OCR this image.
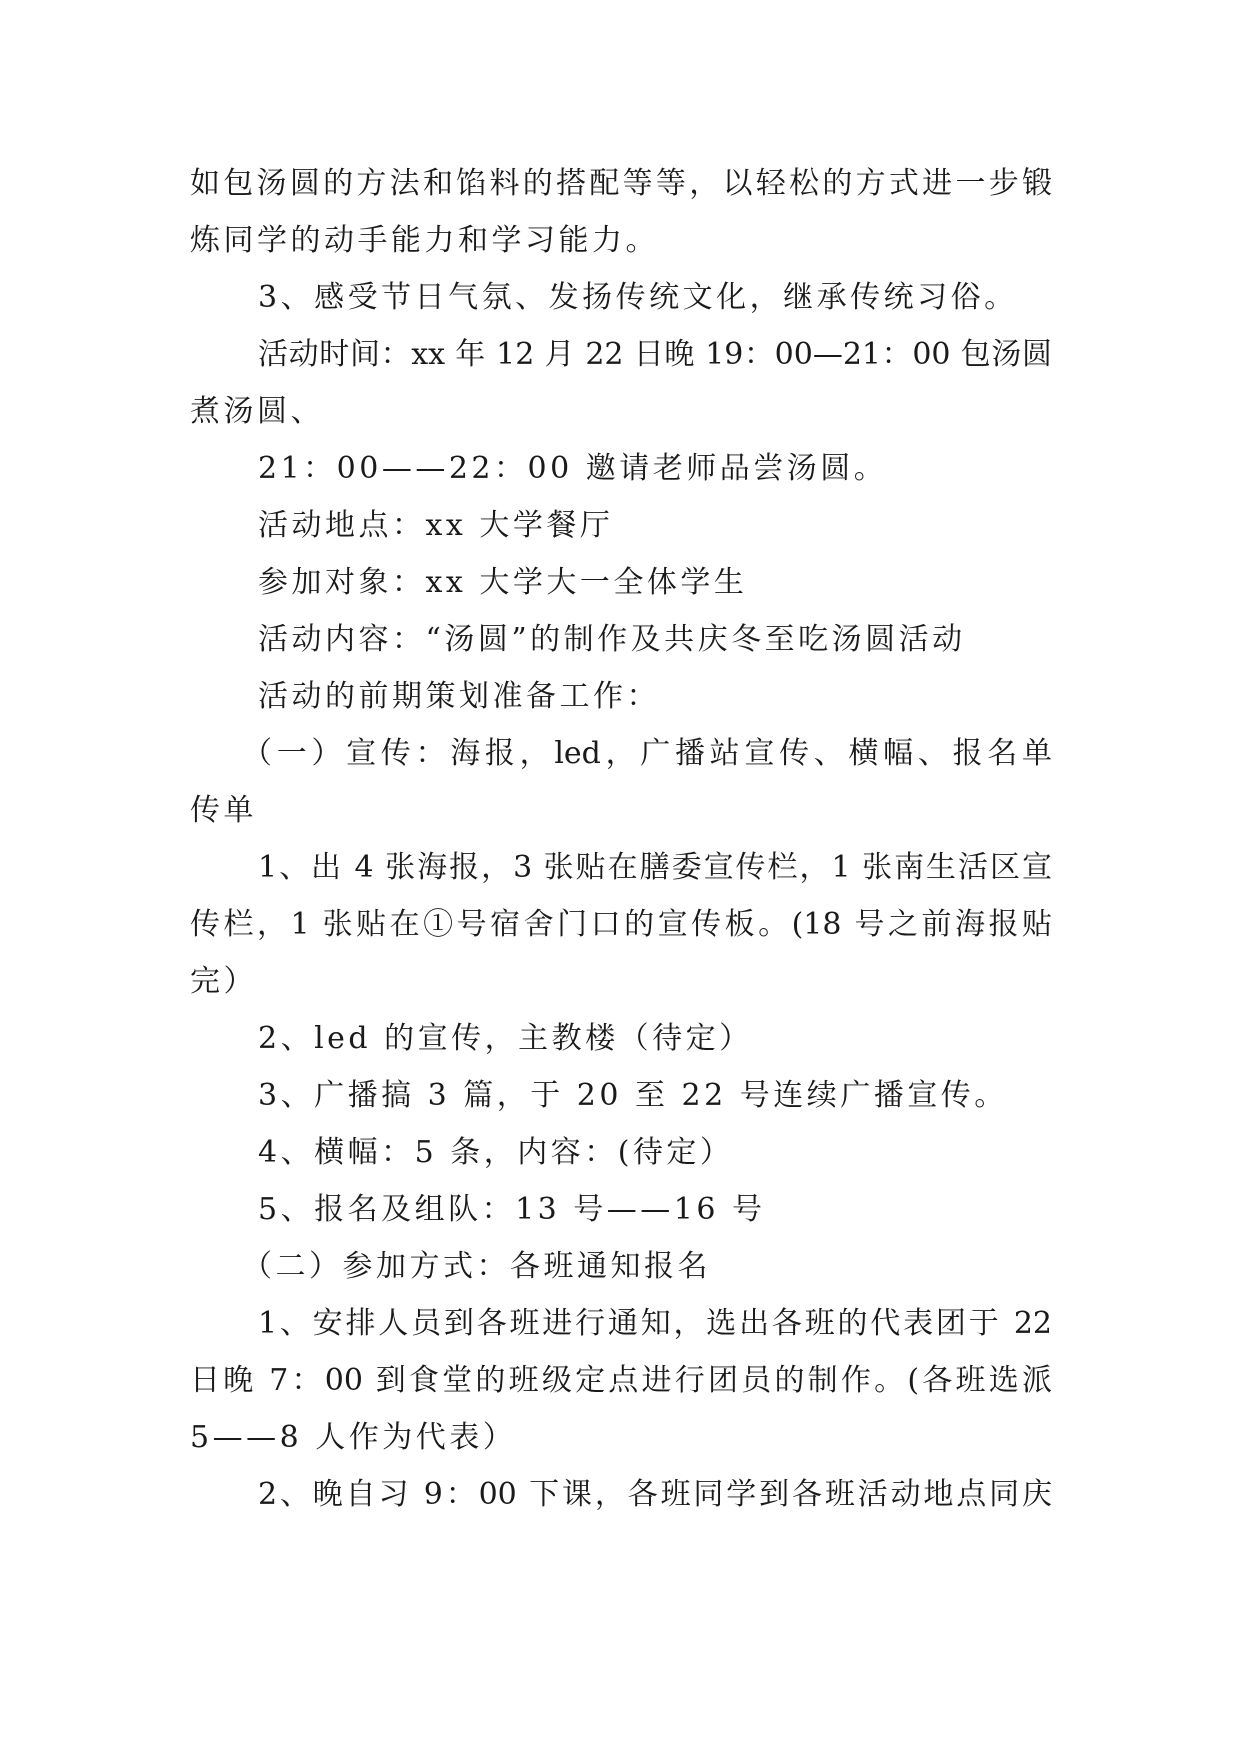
如包汤圆的方法和馅料的搭配等等，以轻松的方式进一步锻
炼同学的动手能力和学习能力。
3、感受节日气氛、发扬传统文化，继承传统习俗。
活动时间：xx 年 12 月 22 日晚 19：00—21：00 包汤圆
煮汤圆、
21：00——22：00 邀请老师品尝汤圆。
活动地点：xx 大学餐厅
参加对象：xx 大学大一全体学生
活动内容：“汤圆”的制作及共庆冬至吃汤圆活动
活动的前期策划准备工作：
（一）宣传：海报，led，广播站宣传、横幅、报名单
传单
1、出 4 张海报，3 张贴在膳委宣传栏，1 张南生活区宣
传栏，1 张贴在①号宿舍门口的宣传板。(18 号之前海报贴
完）
2、led 的宣传，主教楼（待定）
3、广播搞 3 篇，于 20 至 22 号连续广播宣传。
4、横幅：5 条，内容：(待定）
5、报名及组队：13 号——16 号
（二）参加方式：各班通知报名
1、安排人员到各班进行通知，选出各班的代表团于 22
日晚 7：00 到食堂的班级定点进行团员的制作。(各班选派
5——8 人作为代表）
2、晚自习 9：00 下课，各班同学到各班活动地点同庆
